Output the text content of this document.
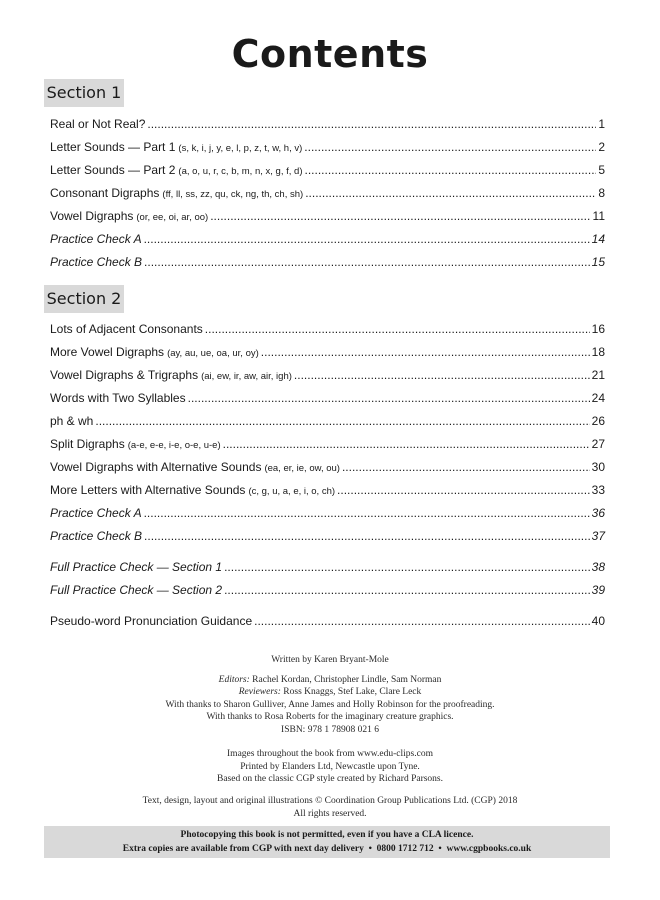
Contents
Section 1
Real or Not Real? .....	1
Letter Sounds — Part 1 (s, k, i, j, y, e, l, p, z, t, w, h, v) .....	2
Letter Sounds — Part 2 (a, o, u, r, c, b, m, n, x, g, f, d) .....	5
Consonant Digraphs (ff, ll, ss, zz, qu, ck, ng, th, ch, sh) .....	8
Vowel Digraphs (or, ee, oi, ar, oo) .....	11
Practice Check A .....	14
Practice Check B .....	15
Section 2
Lots of Adjacent Consonants .....	16
More Vowel Digraphs (ay, au, ue, oa, ur, oy) .....	18
Vowel Digraphs & Trigraphs (ai, ew, ir, aw, air, igh) .....	21
Words with Two Syllables .....	24
ph & wh .....	26
Split Digraphs (a-e, e-e, i-e, o-e, u-e) .....	27
Vowel Digraphs with Alternative Sounds (ea, er, ie, ow, ou) .....	30
More Letters with Alternative Sounds (c, g, u, a, e, i, o, ch) .....	33
Practice Check A .....	36
Practice Check B .....	37
Full Practice Check — Section 1 .....	38
Full Practice Check — Section 2 .....	39
Pseudo-word Pronunciation Guidance .....	40
Written by Karen Bryant-Mole
Editors: Rachel Kordan, Christopher Lindle, Sam Norman
Reviewers: Ross Knaggs, Stef Lake, Clare Leck
With thanks to Sharon Gulliver, Anne James and Holly Robinson for the proofreading.
With thanks to Rosa Roberts for the imaginary creature graphics.
ISBN: 978 1 78908 021 6
Images throughout the book from www.edu-clips.com
Printed by Elanders Ltd, Newcastle upon Tyne.
Based on the classic CGP style created by Richard Parsons.
Text, design, layout and original illustrations © Coordination Group Publications Ltd. (CGP) 2018
All rights reserved.
Photocopying this book is not permitted, even if you have a CLA licence.
Extra copies are available from CGP with next day delivery  •  0800 1712 712  •  www.cgpbooks.co.uk
